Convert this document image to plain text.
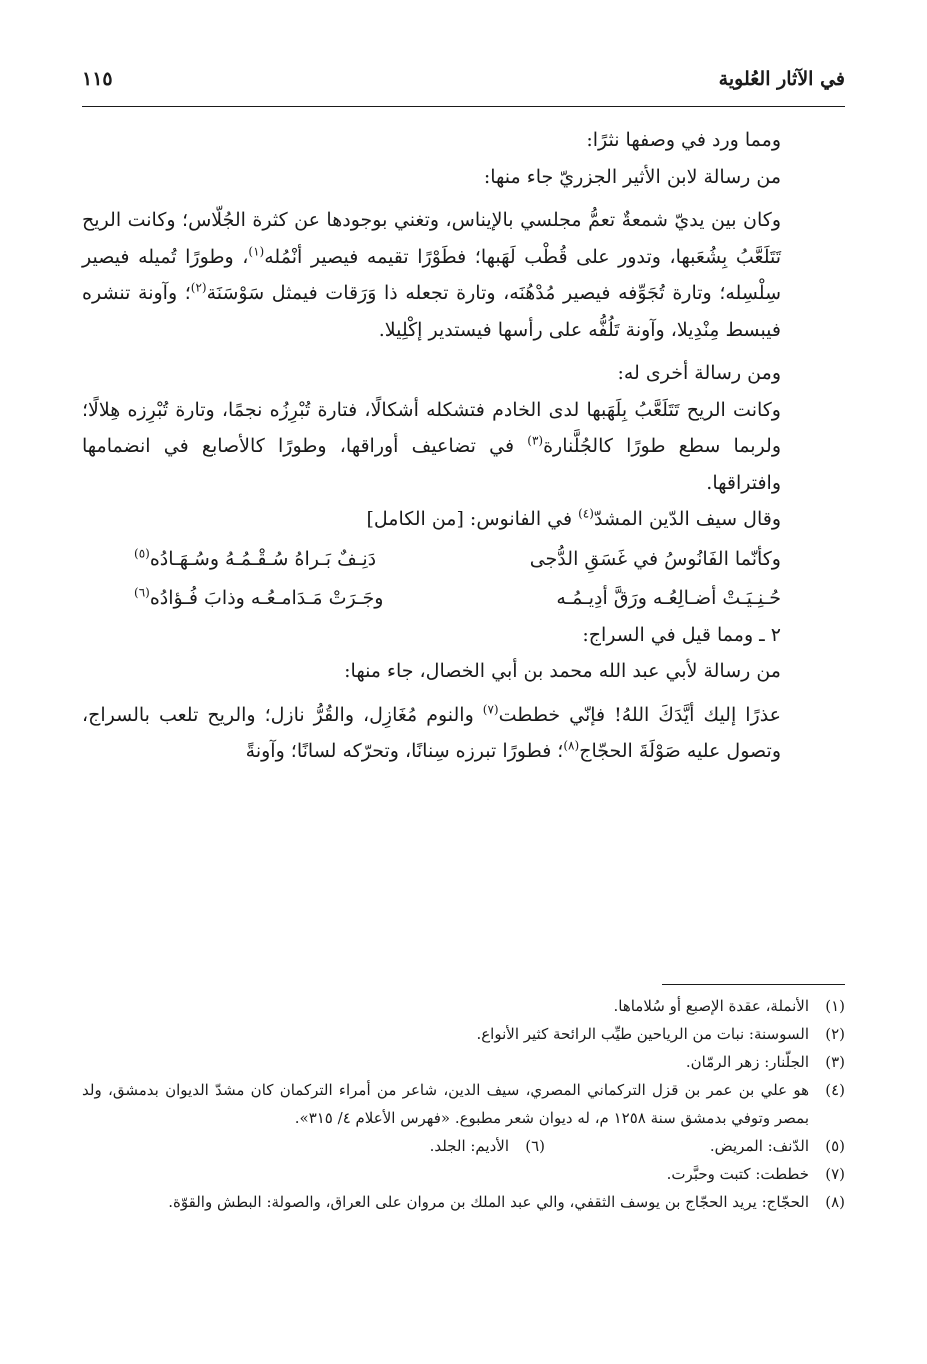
في الآثار العُلوية
١١٥

ومما ورد في وصفها نثرًا:

من رسالة لابن الأثير الجزريّ جاء منها:

وكان بين يديّ شمعةٌ تعمُّ مجلسي بالإيناس، وتغني بوجودها عن كثرة الجُلّاس؛ وكانت الريح تَتَلَعَّبُ بِشُعَبها، وتدور على قُطْب لَهَبها؛ فطَوْرًا تقيمه فيصير أنْمُله$^{(١)}$، وطورًا تُميله فيصير سِلْسِله؛ وتارة تُجَوِّفه فيصير مُدْهُنَه، وتارة تجعله ذا وَرَقات فيمثل سَوْسَنَة$^{(٢)}$؛ وآونة تنشره فيبسط مِنْدِيلا، وآونة تَلُفُّه على رأسها فيستدير إكْلِيلا.

ومن رسالة أخرى له:

وكانت الريح تَتَلَعَّبُ بِلَهَبها لدى الخادم فتشكله أشكالًا، فتارة تُبْرِزُه نجمًا، وتارة تُبْرِزه هِلالًا؛ ولربما سطع طورًا كالجُلَّنارة$^{(٣)}$ في تضاعيف أوراقها، وطورًا كالأصابع في انضمامها وافتراقها.

وقال سيف الدّين المشدّ$^{(٤)}$ في الفانوس: [من الكامل]

وكأنّما الفَانُوسُ في غَسَقِ الدُّجى
دَنِـفٌ بَـراهُ سُـقْـمُـهُ وسُـهَـادُه$^{(٥)}$
حُـنِـيَـتْ أضـالِعُـه ورَقَّ أدِيـمُـه
وجَـرَتْ مَـدَامـعُـه وذابَ فُـؤادُه$^{(٦)}$

٢ ـ ومما قيل في السراج:

من رسالة لأبي عبد الله محمد بن أبي الخصال، جاء منها:

عذرًا إليك أيَّدَكَ اللهُ! فإنّي خططت$^{(٧)}$ والنوم مُغَازِل، والقُرُّ نازل؛ والريح تلعب بالسراج، وتصول عليه صَوْلَةَ الحجّاج$^{(٨)}$؛ فطورًا تبرزه سِنانًا، وتحرّكه لسانًا؛ وآونةً

(١)
الأنملة، عقدة الإصبع أو سُلاماها.
(٢)
السوسنة: نبات من الرياحين طيِّب الرائحة كثير الأنواع.
(٣)
الجلّنار: زهر الرمّان.
(٤)
هو علي بن عمر بن قزل التركماني المصري، سيف الدين، شاعر من أمراء التركمان كان مشدّ الديوان بدمشق، ولد بمصر وتوفي بدمشق سنة ١٢٥٨ م، له ديوان شعر مطبوع. «فهرس الأعلام ٤/ ٣١٥».
(٥)
الدّنف: المريض.
(٦)
الأديم: الجلد.
(٧)
خططت: كتبت وحبَّرت.
(٨)
الحجّاج: يريد الحجّاج بن يوسف الثقفي، والي عبد الملك بن مروان على العراق، والصولة: البطش والقوّة.
